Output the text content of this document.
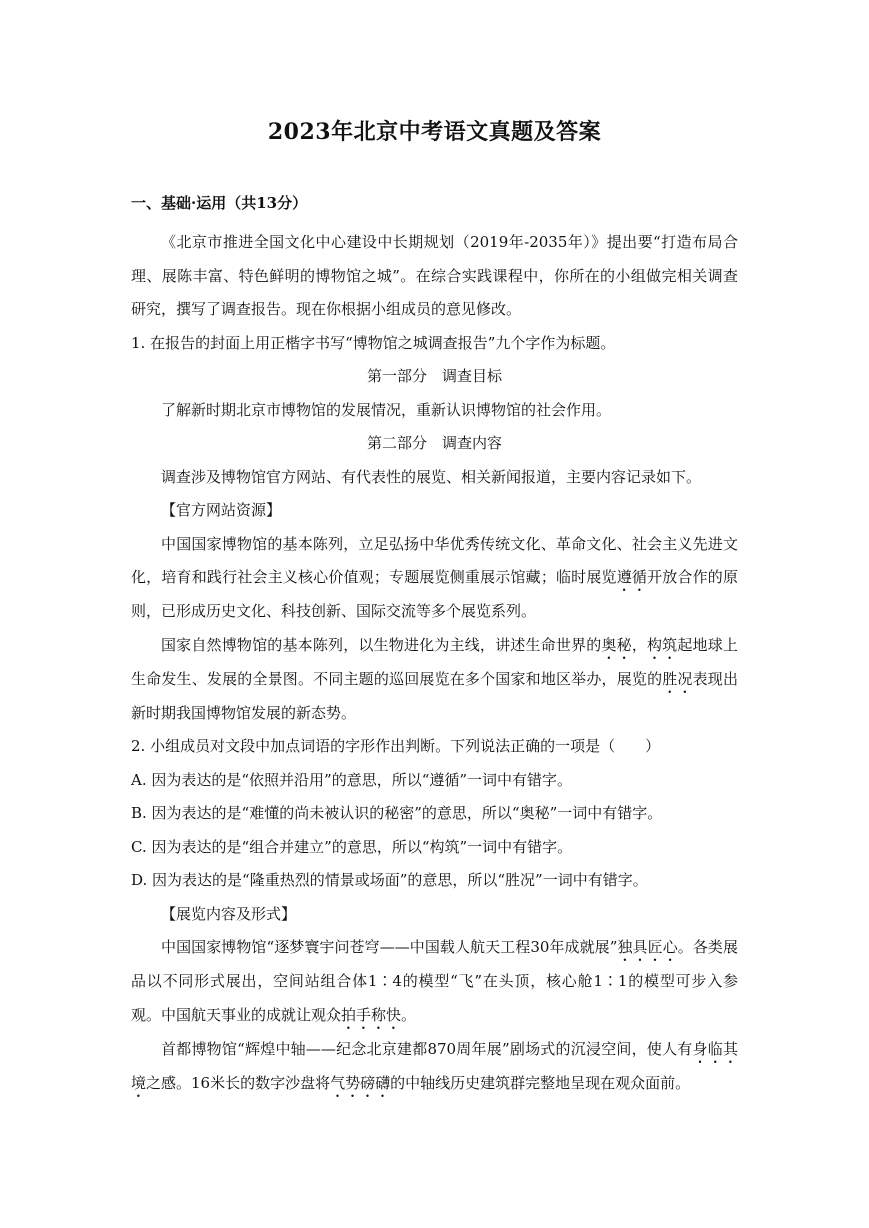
2023年北京中考语文真题及答案
一、基础·运用（共13分）

《北京市推进全国文化中心建设中长期规划（2019年-2035年）》提出要“打造布局合理、展陈丰富、特色鲜明的博物馆之城”。在综合实践课程中，你所在的小组做完相关调查研究，撰写了调查报告。现在你根据小组成员的意见修改。

1. 在报告的封面上用正楷字书写“博物馆之城调查报告”九个字作为标题。

第一部分　调查目标

了解新时期北京市博物馆的发展情况，重新认识博物馆的社会作用。

第二部分　调查内容

调查涉及博物馆官方网站、有代表性的展览、相关新闻报道，主要内容记录如下。

【官方网站资源】

中国国家博物馆的基本陈列，立足弘扬中华优秀传统文化、革命文化、社会主义先进文化，培育和践行社会主义核心价值观；专题展览侧重展示馆藏；临时展览遵循开放合作的原则，已形成历史文化、科技创新、国际交流等多个展览系列。

国家自然博物馆的基本陈列，以生物进化为主线，讲述生命世界的奥秘，构筑起地球上生命发生、发展的全景图。不同主题的巡回展览在多个国家和地区举办，展览的胜况表现出新时期我国博物馆发展的新态势。

2. 小组成员对文段中加点词语的字形作出判断。下列说法正确的一项是（　　）

A. 因为表达的是“依照并沿用”的意思，所以“遵循”一词中有错字。

B. 因为表达的是“难懂的尚未被认识的秘密”的意思，所以“奥秘”一词中有错字。

C. 因为表达的是“组合并建立”的意思，所以“构筑”一词中有错字。

D. 因为表达的是“隆重热烈的情景或场面”的意思，所以“胜况”一词中有错字。

【展览内容及形式】

中国国家博物馆“逐梦寰宇问苍穹——中国载人航天工程30年成就展”独具匠心。各类展品以不同形式展出，空间站组合体1∶4的模型“飞”在头顶，核心舱1∶1的模型可步入参观。中国航天事业的成就让观众拍手称快。

首都博物馆“辉煌中轴——纪念北京建都870周年展”剧场式的沉浸空间，使人有身临其境之感。16米长的数字沙盘将气势磅礴的中轴线历史建筑群完整地呈现在观众面前。
